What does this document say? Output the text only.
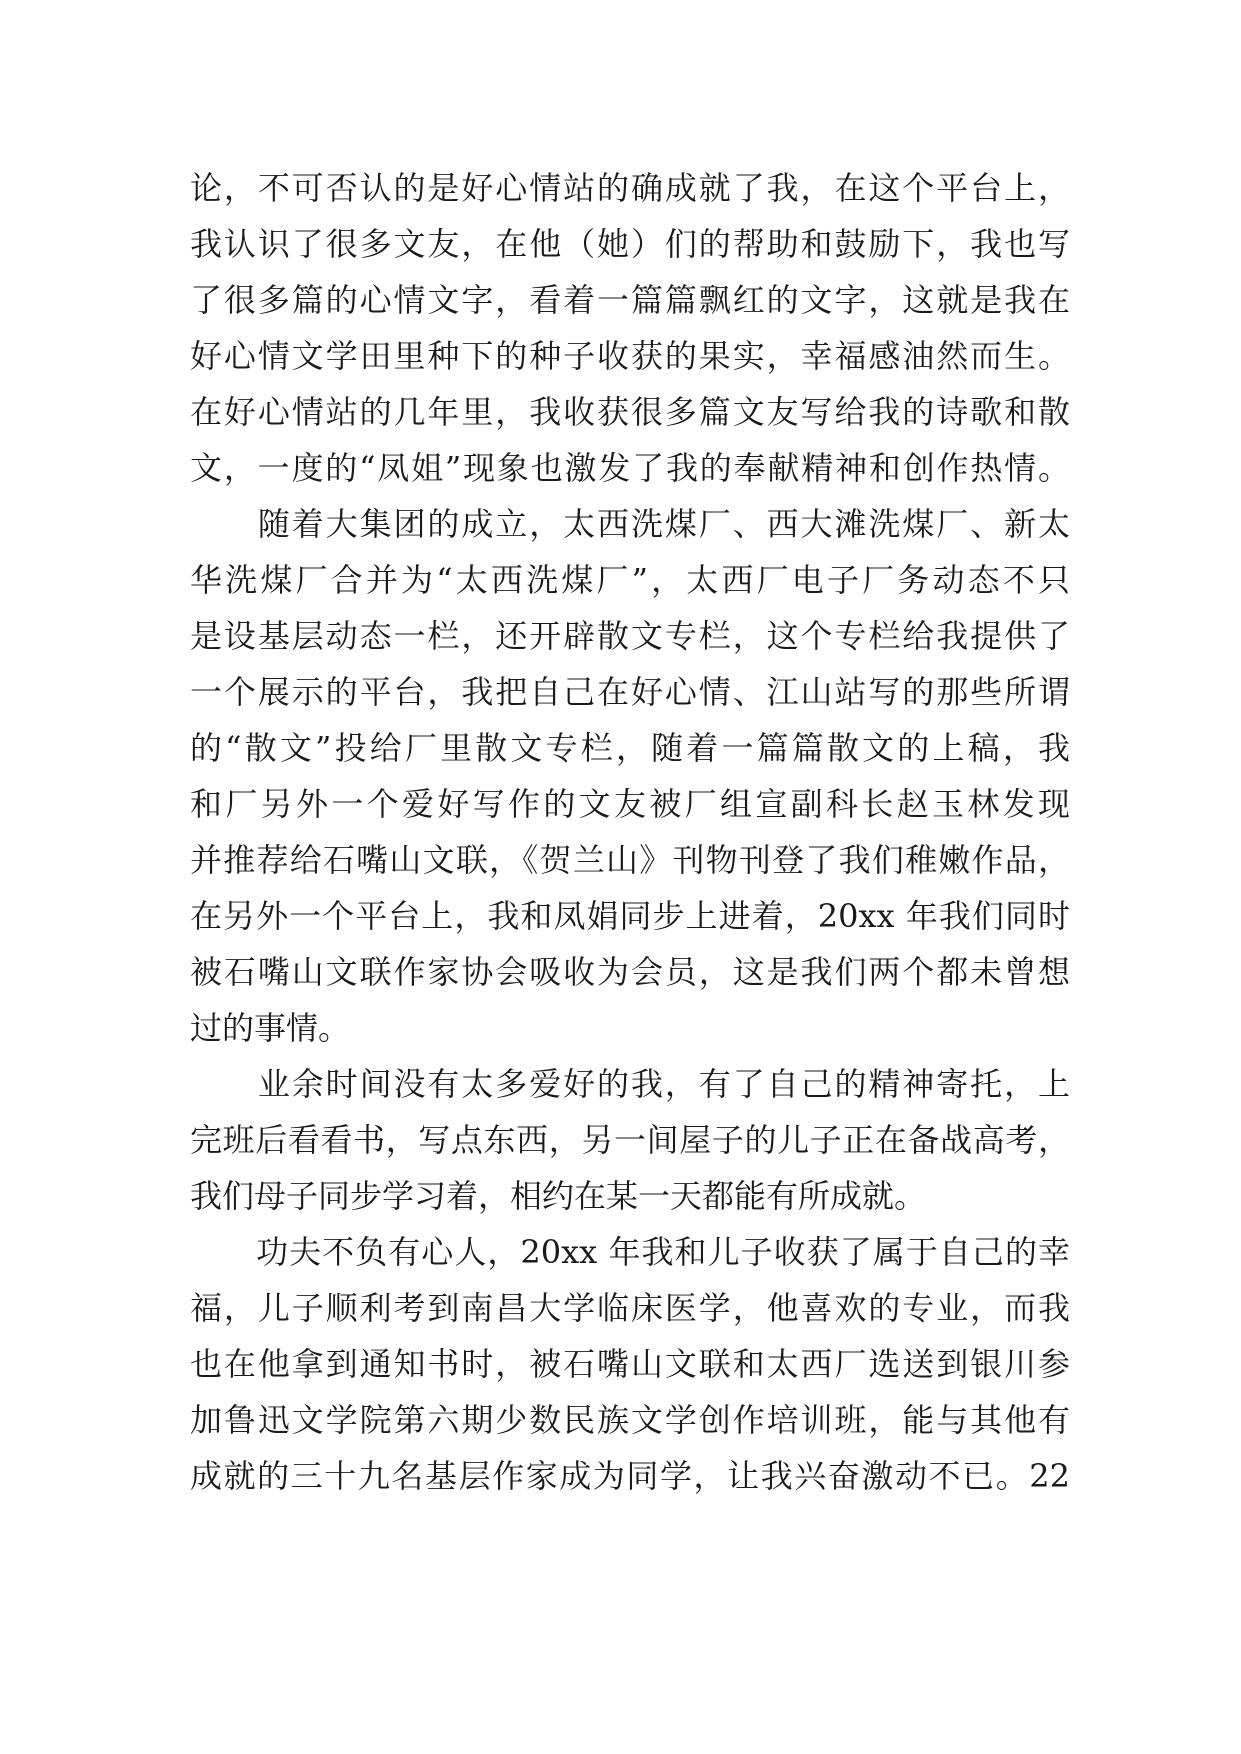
论，不可否认的是好心情站的确成就了我，在这个平台上，
我认识了很多文友，在他（她）们的帮助和鼓励下，我也写
了很多篇的心情文字，看着一篇篇飘红的文字，这就是我在
好心情文学田里种下的种子收获的果实，幸福感油然而生。
在好心情站的几年里，我收获很多篇文友写给我的诗歌和散
文，一度的“凤姐”现象也激发了我的奉献精神和创作热情。
　　随着大集团的成立，太西洗煤厂、西大滩洗煤厂、新太
华洗煤厂合并为“太西洗煤厂”，太西厂电子厂务动态不只
是设基层动态一栏，还开辟散文专栏，这个专栏给我提供了
一个展示的平台，我把自己在好心情、江山站写的那些所谓
的“散文”投给厂里散文专栏，随着一篇篇散文的上稿，我
和厂另外一个爱好写作的文友被厂组宣副科长赵玉林发现
并推荐给石嘴山文联，《贺兰山》刊物刊登了我们稚嫩作品，
在另外一个平台上，我和凤娟同步上进着，20xx 年我们同时
被石嘴山文联作家协会吸收为会员，这是我们两个都未曾想
过的事情。
　　业余时间没有太多爱好的我，有了自己的精神寄托，上
完班后看看书，写点东西，另一间屋子的儿子正在备战高考，
我们母子同步学习着，相约在某一天都能有所成就。
　　功夫不负有心人，20xx 年我和儿子收获了属于自己的幸
福，儿子顺利考到南昌大学临床医学，他喜欢的专业，而我
也在他拿到通知书时，被石嘴山文联和太西厂选送到银川参
加鲁迅文学院第六期少数民族文学创作培训班，能与其他有
成就的三十九名基层作家成为同学，让我兴奋激动不已。22
